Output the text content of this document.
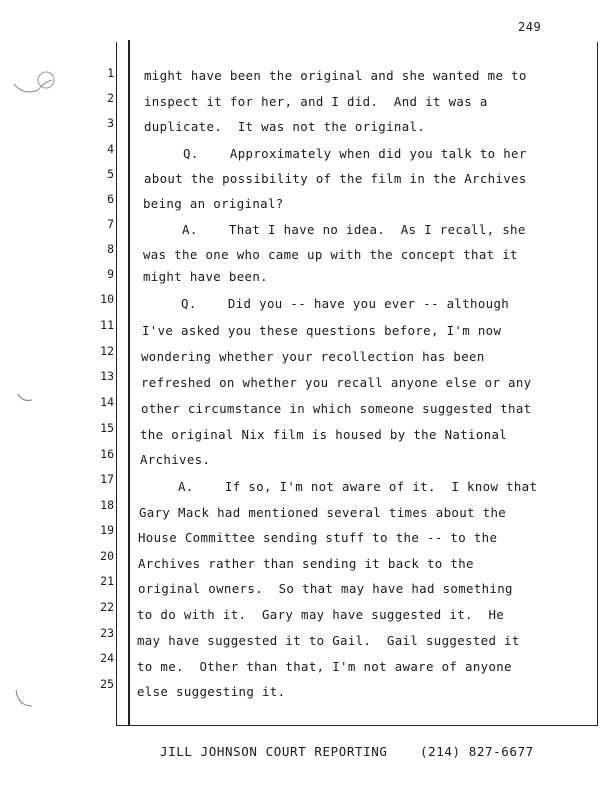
249
1 might have been the original and she wanted me to
2 inspect it for her, and I did.  And it was a
3 duplicate.  It was not the original.
4 Q.    Approximately when did you talk to her
5 about the possibility of the film in the Archives
6 being an original?
7 A.    That I have no idea.  As I recall, she
8 was the one who came up with the concept that it
9 might have been.
10 Q.    Did you -- have you ever -- although
11 I've asked you these questions before, I'm now
12 wondering whether your recollection has been
13 refreshed on whether you recall anyone else or any
14 other circumstance in which someone suggested that
15 the original Nix film is housed by the National
16 Archives.
17 A.    If so, I'm not aware of it.  I know that
18 Gary Mack had mentioned several times about the
19 House Committee sending stuff to the -- to the
20 Archives rather than sending it back to the
21 original owners.  So that may have had something
22 to do with it.  Gary may have suggested it.  He
23 may have suggested it to Gail.  Gail suggested it
24
to me.  Other than that, I'm not aware of anyone
25 else suggesting it.
JILL JOHNSON COURT REPORTING    (214) 827-6677
